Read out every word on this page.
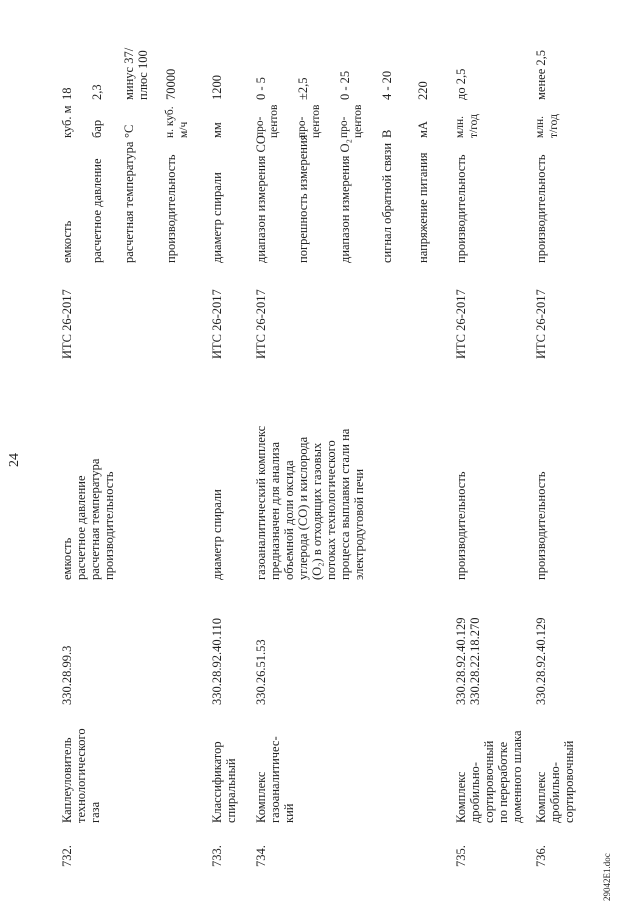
24
29042E1.doc
732.
Каплеуловитель технологического газа
330.28.99.3
емкость расчетное давление расчетная температура производительность
ИТС 26-2017
емкость
куб. м
18
расчетное давление
бар
2,3
расчетная температура
°С
минус 37/ плюс 100
производительность
н. куб. м/ч
70000
733.
Классификатор спиральный
330.28.92.40.110
диаметр спирали
ИТС 26-2017
диаметр спирали
мм
1200
734.
Комплекс газоаналитичес- кий
330.26.51.53
газоаналитический комплекс предназначен для анализа объемной доли оксида углерода (СО) и кислорода (О₂) в отходящих газовых потоках технологического процесса выплавки стали на электродуговой печи
ИТС 26-2017
диапазон измерения СО
про- центов
0 - 5
погрешность измерения
про- центов
±2,5
диапазон измерения О₂
про- центов
0 - 25
сигнал обратной связи
В
4 - 20
напряжение питания
мА
220
735.
Комплекс дробильно- сортировочный по переработке доменного шлака
330.28.92.40.129 330.28.22.18.270
производительность
ИТС 26-2017
производительность
млн. т/год
до 2,5
736.
Комплекс дробильно- сортировочный
330.28.92.40.129
производительность
ИТС 26-2017
производительность
млн. т/год
менее 2,5
